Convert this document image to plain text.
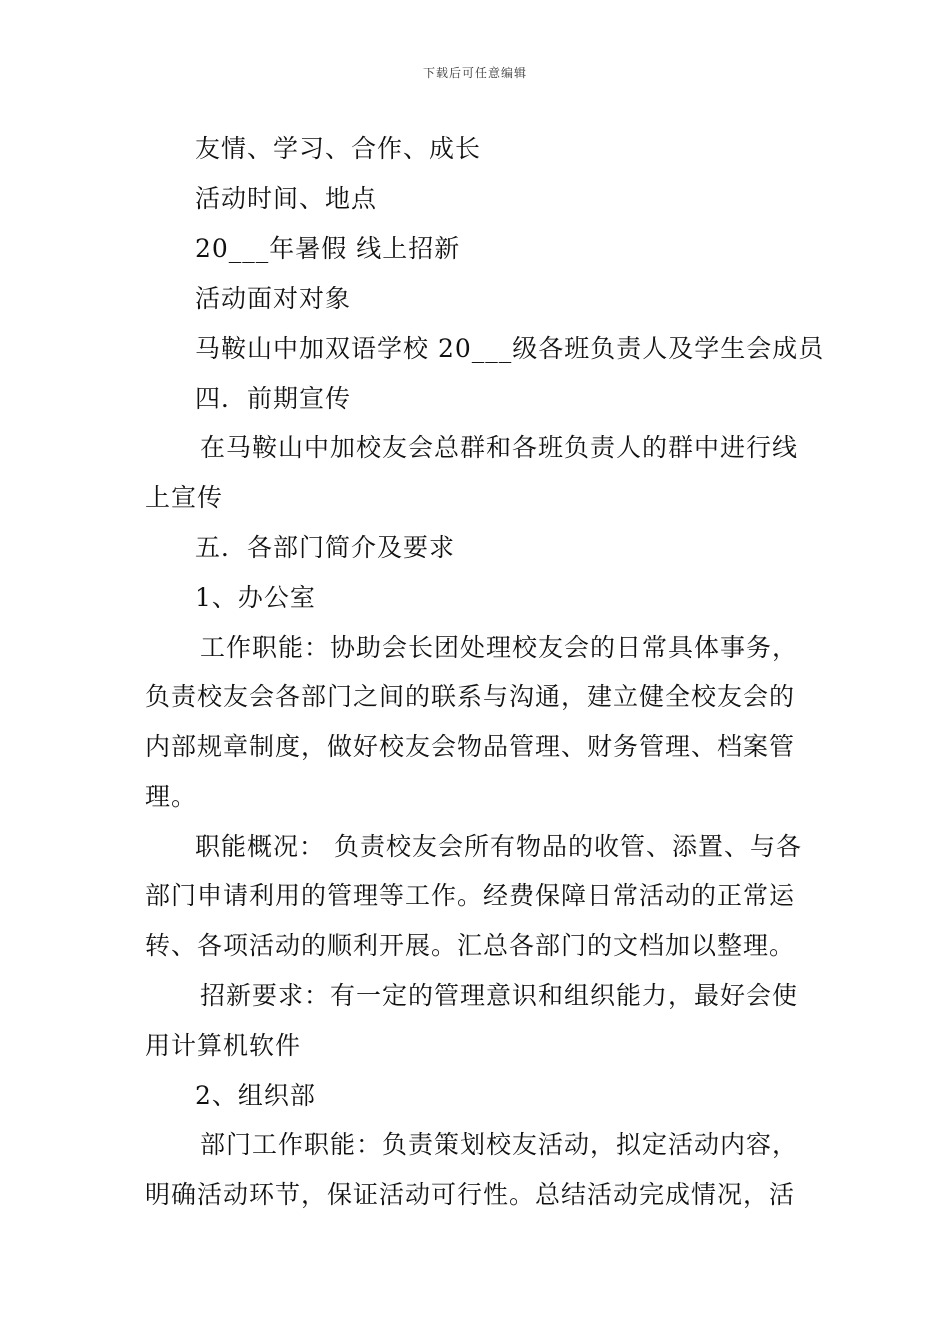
下载后可任意编辑
友情、学习、合作、成长
活动时间、地点
20___年暑假 线上招新
活动面对对象
马鞍山中加双语学校 20___级各班负责人及学生会成员
四．前期宣传
在马鞍山中加校友会总群和各班负责人的群中进行线
上宣传
五．各部门简介及要求
1、办公室
工作职能：协助会长团处理校友会的日常具体事务，
负责校友会各部门之间的联系与沟通，建立健全校友会的
内部规章制度，做好校友会物品管理、财务管理、档案管
理。
职能概况： 负责校友会所有物品的收管、添置、与各
部门申请利用的管理等工作。经费保障日常活动的正常运
转、各项活动的顺利开展。汇总各部门的文档加以整理。
招新要求：有一定的管理意识和组织能力，最好会使
用计算机软件
2、组织部
部门工作职能：负责策划校友活动，拟定活动内容，
明确活动环节，保证活动可行性。总结活动完成情况，活
